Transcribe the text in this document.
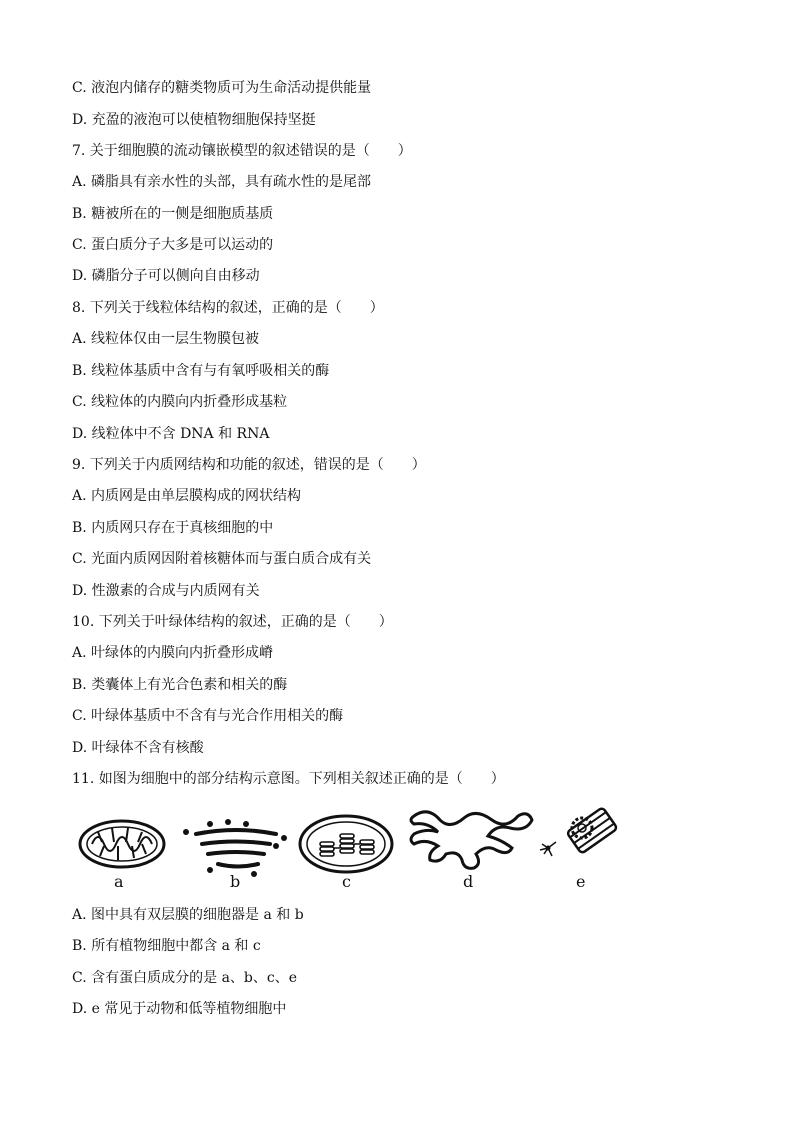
C. 液泡内储存的糖类物质可为生命活动提供能量
D. 充盈的液泡可以使植物细胞保持坚挺
7. 关于细胞膜的流动镶嵌模型的叙述错误的是（　　）
A. 磷脂具有亲水性的头部，具有疏水性的是尾部
B. 糖被所在的一侧是细胞质基质
C. 蛋白质分子大多是可以运动的
D. 磷脂分子可以侧向自由移动
8. 下列关于线粒体结构的叙述，正确的是（　　）
A. 线粒体仅由一层生物膜包被
B. 线粒体基质中含有与有氧呼吸相关的酶
C. 线粒体的内膜向内折叠形成基粒
D. 线粒体中不含 DNA 和 RNA
9. 下列关于内质网结构和功能的叙述，错误的是（　　）
A. 内质网是由单层膜构成的网状结构
B. 内质网只存在于真核细胞的中
C. 光面内质网因附着核糖体而与蛋白质合成有关
D. 性激素的合成与内质网有关
10. 下列关于叶绿体结构的叙述，正确的是（　　）
A. 叶绿体的内膜向内折叠形成嵴
B. 类囊体上有光合色素和相关的酶
C. 叶绿体基质中不含有与光合作用相关的酶
D. 叶绿体不含有核酸
11. 如图为细胞中的部分结构示意图。下列相关叙述正确的是（　　）
a	b	c	d	e
A. 图中具有双层膜的细胞器是 a 和 b
B. 所有植物细胞中都含 a 和 c
C. 含有蛋白质成分的是 a、b、c、e
D. e 常见于动物和低等植物细胞中
